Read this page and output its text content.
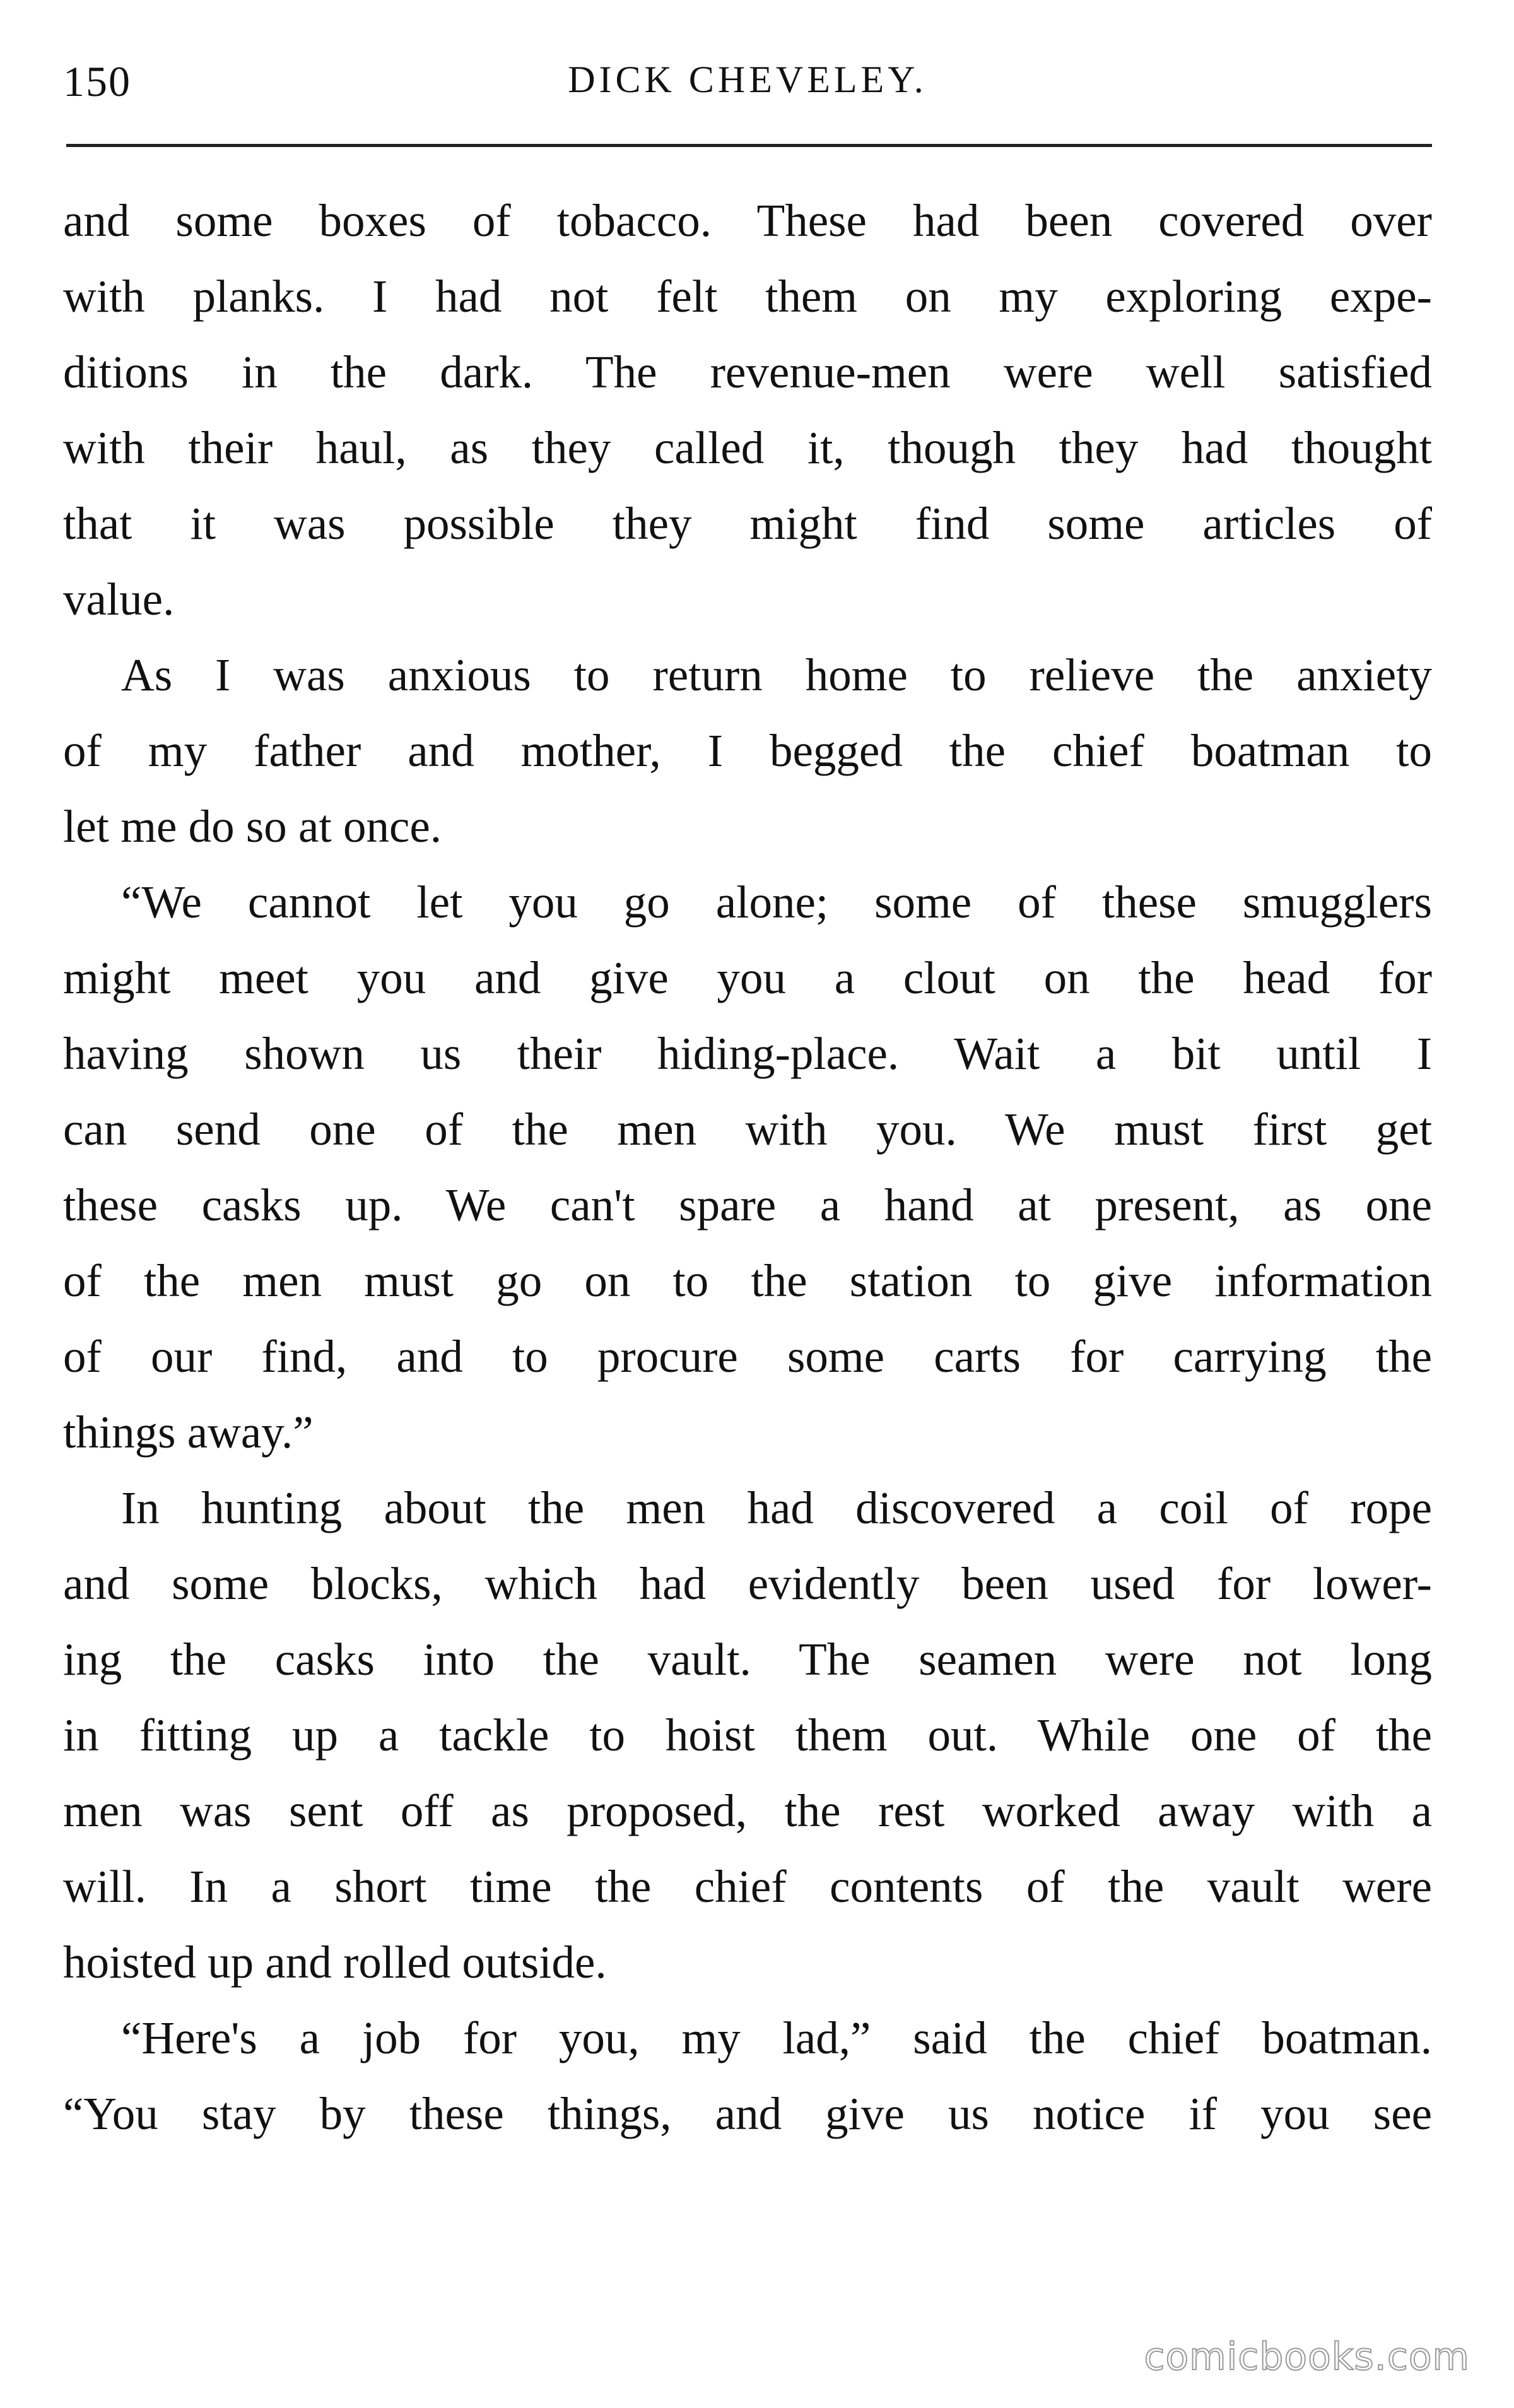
150	DICK CHEVELEY.
and some boxes of tobacco. These had been covered over
with planks. I had not felt them on my exploring expe-
ditions in the dark. The revenue-men were well satisfied
with their haul, as they called it, though they had thought
that it was possible they might find some articles of
value.
As I was anxious to return home to relieve the anxiety
of my father and mother, I begged the chief boatman to
let me do so at once.
“We cannot let you go alone; some of these smugglers
might meet you and give you a clout on the head for
having shown us their hiding-place. Wait a bit until I
can send one of the men with you. We must first get
these casks up. We can't spare a hand at present, as one
of the men must go on to the station to give information
of our find, and to procure some carts for carrying the
things away.”
In hunting about the men had discovered a coil of rope
and some blocks, which had evidently been used for lower-
ing the casks into the vault. The seamen were not long
in fitting up a tackle to hoist them out. While one of the
men was sent off as proposed, the rest worked away with a
will. In a short time the chief contents of the vault were
hoisted up and rolled outside.
“Here's a job for you, my lad,” said the chief boatman.
“You stay by these things, and give us notice if you see
comicbooks.com
